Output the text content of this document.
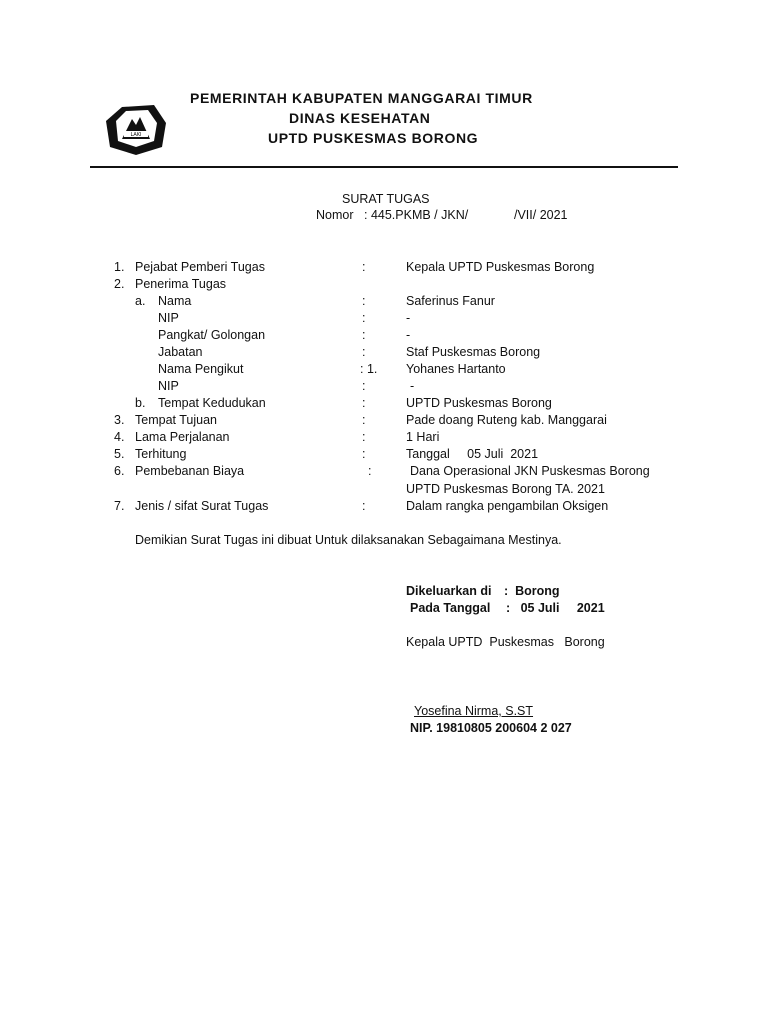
LAKI
PEMERINTAH KABUPATEN MANGGARAI TIMUR
DINAS KESEHATAN
UPTD PUSKESMAS BORONG
SURAT TUGAS
Nomor : 445.PKMB / JKN/	/VII/ 2021
1. Pejabat Pemberi Tugas	:	Kepala UPTD Puskesmas Borong
2. Penerima Tugas
a. Nama	:	Saferinus Fanur
NIP	:	-
Pangkat/ Golongan	:	-
Jabatan	:	Staf Puskesmas Borong
Nama Pengikut	: 1. Yohanes Hartanto
NIP	:	-
b. Tempat Kedudukan	:	UPTD Puskesmas Borong
3. Tempat Tujuan	:	Pade doang Ruteng kab. Manggarai
4. Lama Perjalanan	:	1 Hari
5. Terhitung	:	Tanggal     05 Juli  2021
6. Pembebanan Biaya	:	Dana Operasional JKN Puskesmas Borong
UPTD Puskesmas Borong TA. 2021
7. Jenis / sifat Surat Tugas	:	Dalam rangka pengambilan Oksigen
Demikian Surat Tugas ini dibuat Untuk dilaksanakan Sebagaimana Mestinya.
Dikeluarkan di :  Borong
Pada Tanggal :   05 Juli     2021
Kepala UPTD  Puskesmas   Borong
Yosefina Nirma, S.ST
NIP. 19810805 200604 2 027
